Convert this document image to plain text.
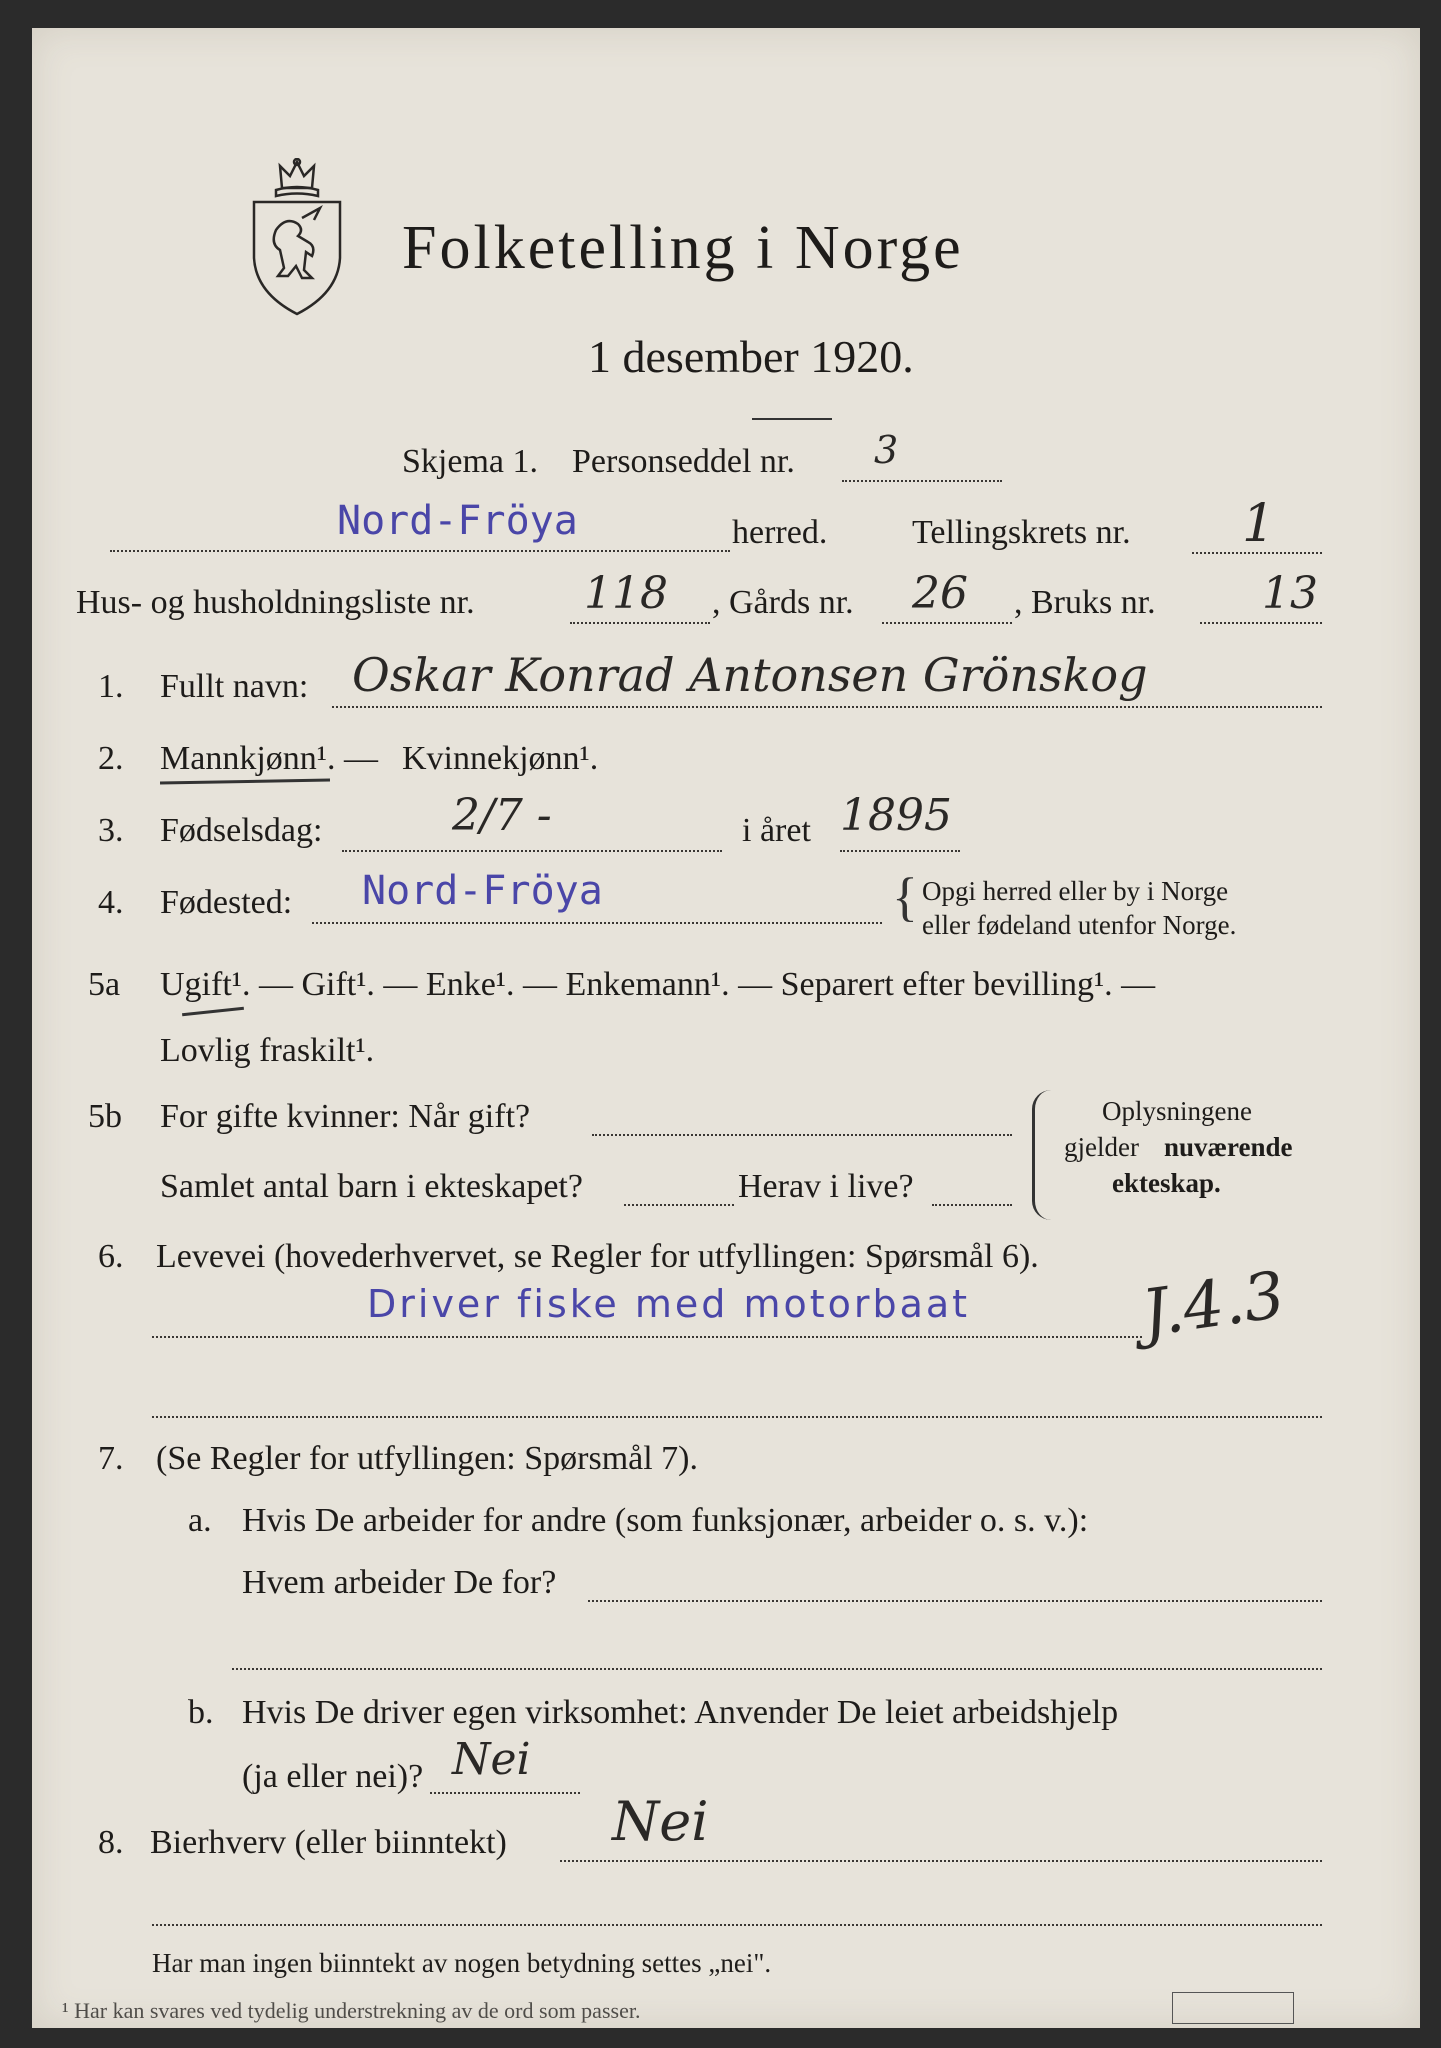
Folketelling i Norge
1 desember 1920.
Skjema 1. Personseddel nr. 3
Nord-Fröya	herred. Tellingskrets nr. 1
Hus- og husholdningsliste nr. 118 , Gårds nr. 26 , Bruks nr. 13
1. Fullt navn: Oskar Konrad Antonsen Grönskog
2. Mannkjønn¹. — Kvinnekjønn¹.
3. Fødselsdag:	2/7 -	i året 1895
4. Fødested: Nord-Fröya	{ Opgi herred eller by i Norge
eller fødeland utenfor Norge.
5a Ugift¹. — Gift¹. — Enke¹. — Enkemann¹. — Separert efter bevilling¹. —
Lovlig fraskilt¹.
5b For gifte kvinner: Når gift?
Samlet antal barn i ekteskapet?	Herav i live?
Oplysningene
gjelder nuværende
ekteskap.
6. Levevei (hovederhvervet, se Regler for utfyllingen: Spørsmål 6).
Driver fiske med motorbaat	J.4.3
7. (Se Regler for utfyllingen: Spørsmål 7).
a. Hvis De arbeider for andre (som funksjonær, arbeider o. s. v.):
Hvem arbeider De for?
b. Hvis De driver egen virksomhet: Anvender De leiet arbeidshjelp
(ja eller nei)? Nei
8. Bierhverv (eller biinntekt) Nei
Har man ingen biinntekt av nogen betydning settes „nei".
¹ Har kan svares ved tydelig understrekning av de ord som passer.
